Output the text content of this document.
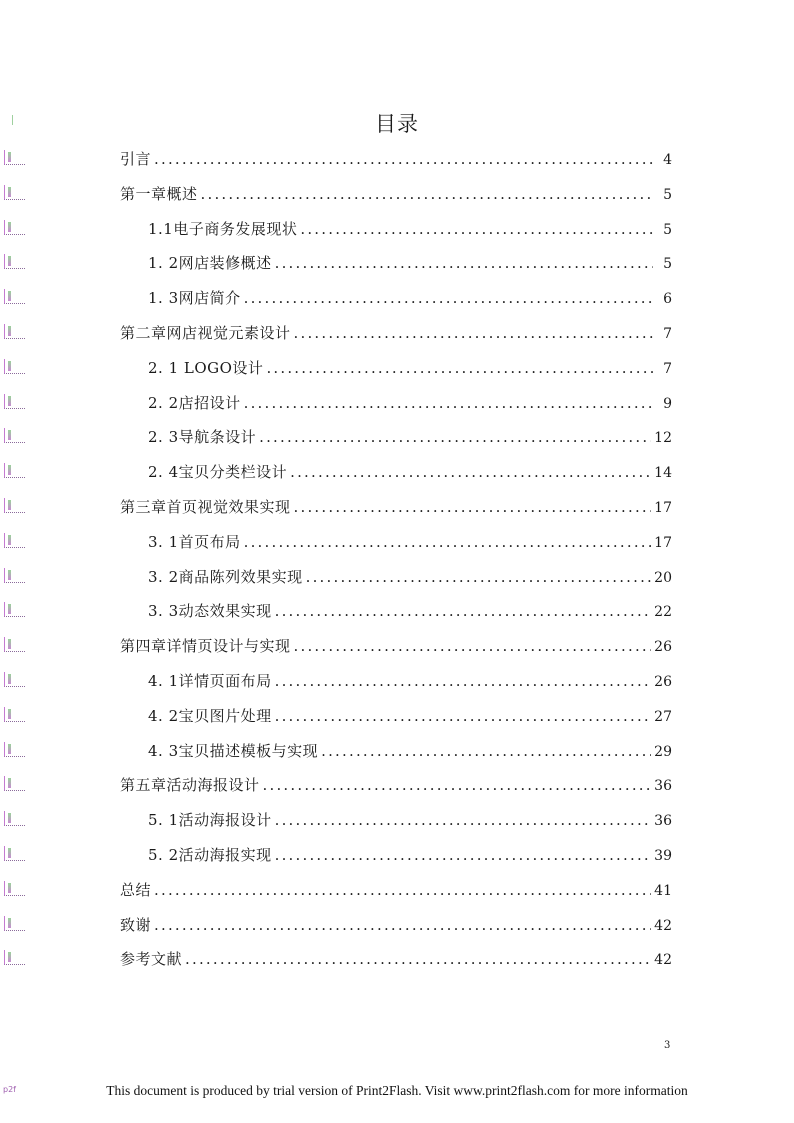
目录
引言 .....	4
第一章概述 .....	5
1.1电子商务发展现状 .....	5
1. 2网店装修概述 .....	5
1. 3网店简介 .....	6
第二章网店视觉元素设计 .....	7
2. 1 LOGO设计 .....	7
2. 2店招设计 .....	9
2. 3导航条设计 .....	12
2. 4宝贝分类栏设计 .....	14
第三章首页视觉效果实现 .....	17
3. 1首页布局 .....	17
3. 2商品陈列效果实现 .....	20
3. 3动态效果实现 .....	22
第四章详情页设计与实现 .....	26
4. 1详情页面布局 .....	26
4. 2宝贝图片处理 .....	27
4. 3宝贝描述模板与实现 .....	29
第五章活动海报设计 .....	36
5. 1活动海报设计 .....	36
5. 2活动海报实现 .....	39
总结 .....	41
致谢 .....	42
参考文献 .....	42
3
p2f	This document is produced by trial version of Print2Flash. Visit www.print2flash.com for more information
